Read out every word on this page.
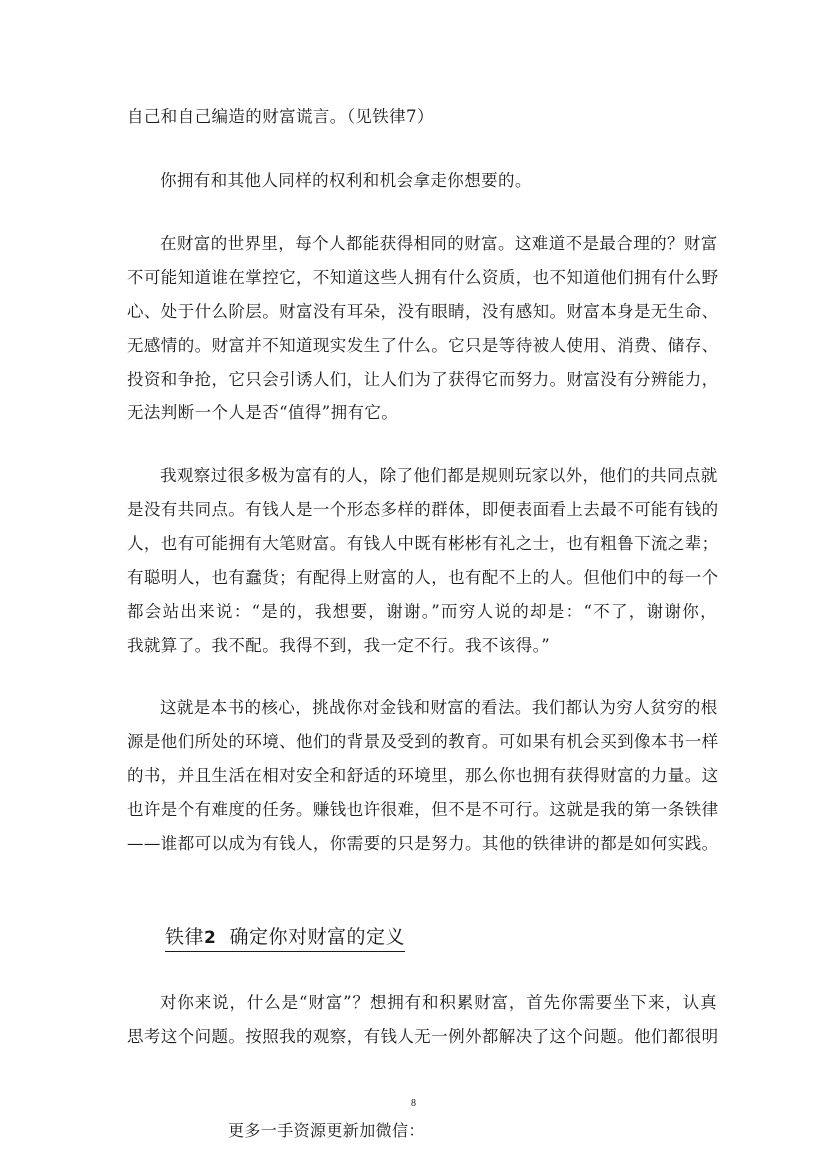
自己和自己编造的财富谎言。（见铁律7）
你拥有和其他人同样的权利和机会拿走你想要的。
在财富的世界里，每个人都能获得相同的财富。这难道不是最合理的？财富
不可能知道谁在掌控它，不知道这些人拥有什么资质，也不知道他们拥有什么野
心、处于什么阶层。财富没有耳朵，没有眼睛，没有感知。财富本身是无生命、
无感情的。财富并不知道现实发生了什么。它只是等待被人使用、消费、储存、
投资和争抢，它只会引诱人们，让人们为了获得它而努力。财富没有分辨能力，
无法判断一个人是否“值得”拥有它。
我观察过很多极为富有的人，除了他们都是规则玩家以外，他们的共同点就
是没有共同点。有钱人是一个形态多样的群体，即便表面看上去最不可能有钱的
人，也有可能拥有大笔财富。有钱人中既有彬彬有礼之士，也有粗鲁下流之辈；
有聪明人，也有蠢货；有配得上财富的人，也有配不上的人。但他们中的每一个
都会站出来说：“是的，我想要，谢谢。”而穷人说的却是：“不了，谢谢你，
我就算了。我不配。我得不到，我一定不行。我不该得。”
这就是本书的核心，挑战你对金钱和财富的看法。我们都认为穷人贫穷的根
源是他们所处的环境、他们的背景及受到的教育。可如果有机会买到像本书一样
的书，并且生活在相对安全和舒适的环境里，那么你也拥有获得财富的力量。这
也许是个有难度的任务。赚钱也许很难，但不是不可行。这就是我的第一条铁律
——谁都可以成为有钱人，你需要的只是努力。其他的铁律讲的都是如何实践。
铁律2 确定你对财富的定义
对你来说，什么是“财富”？想拥有和积累财富，首先你需要坐下来，认真
思考这个问题。按照我的观察，有钱人无一例外都解决了这个问题。他们都很明
8
更多一手资源更新加微信：
